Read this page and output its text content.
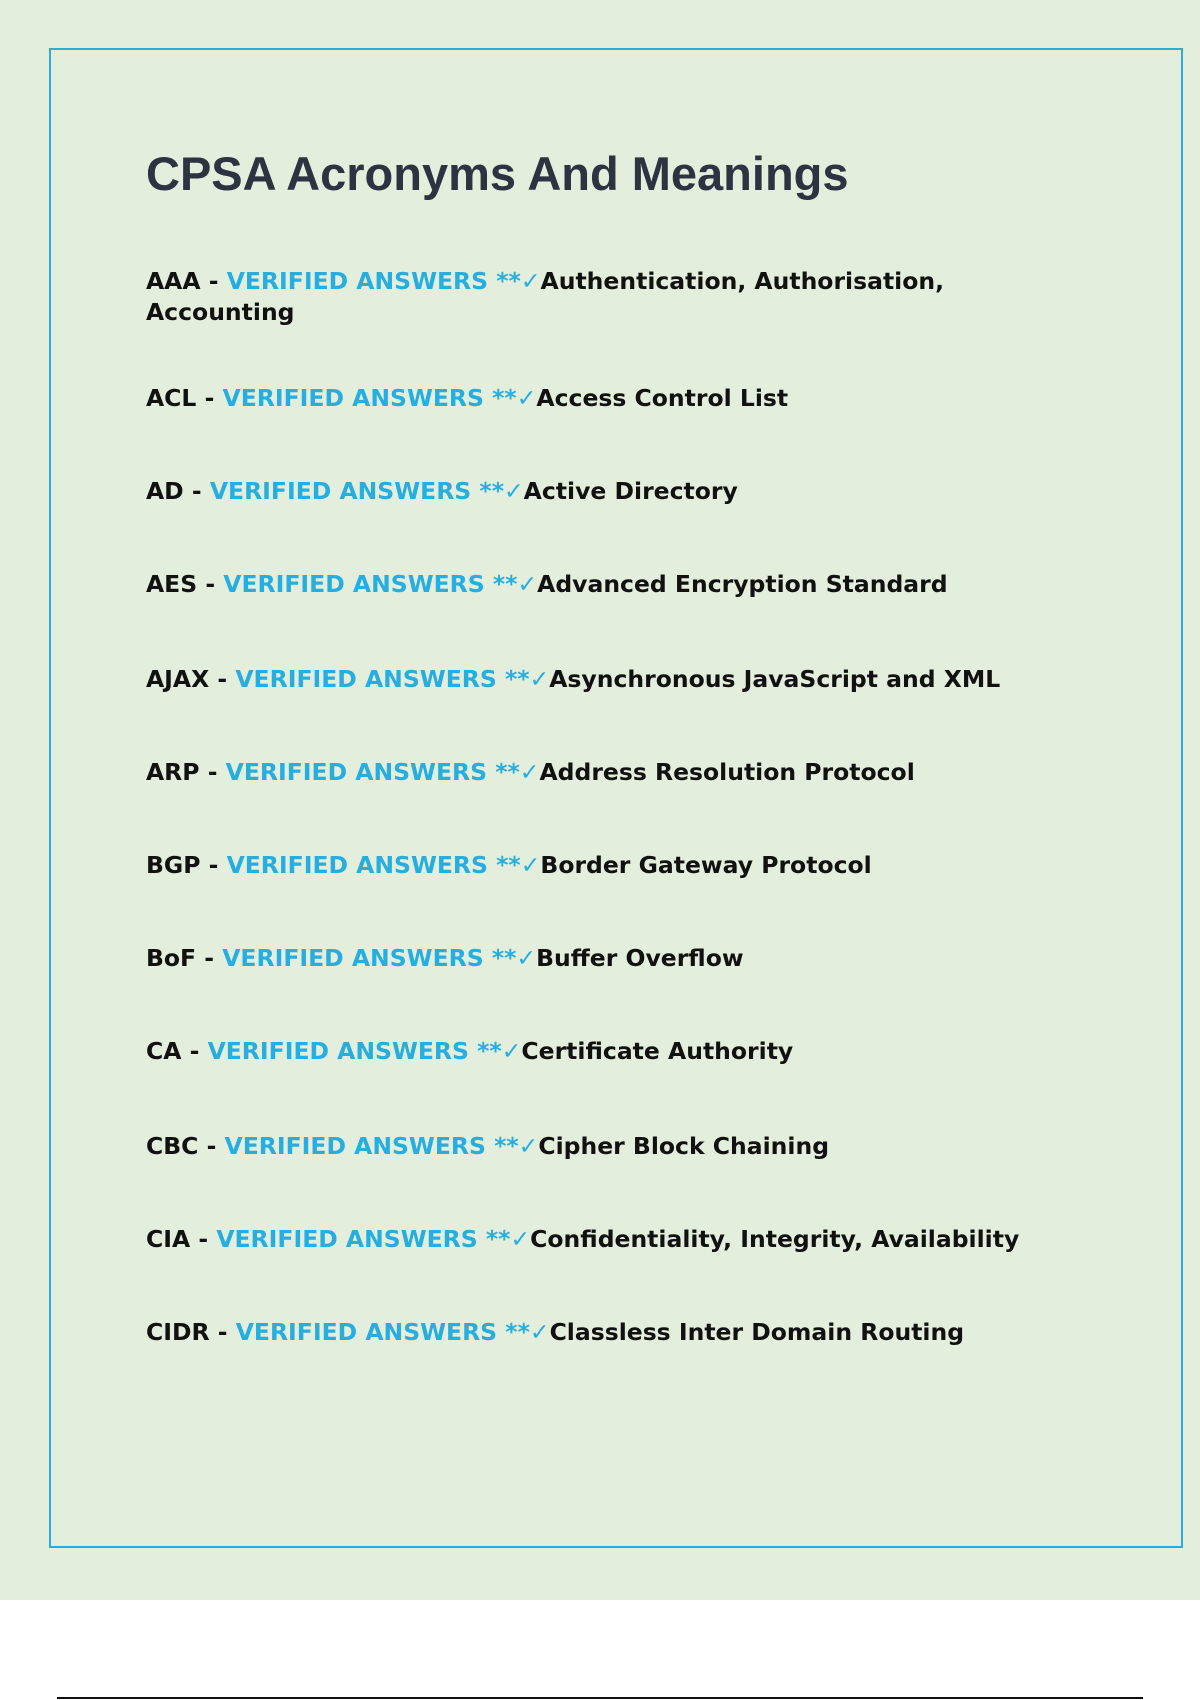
CPSA Acronyms And Meanings

AAA - VERIFIED ANSWERS **✓Authentication, Authorisation, Accounting

ACL - VERIFIED ANSWERS **✓Access Control List

AD - VERIFIED ANSWERS **✓Active Directory

AES - VERIFIED ANSWERS **✓Advanced Encryption Standard

AJAX - VERIFIED ANSWERS **✓Asynchronous JavaScript and XML

ARP - VERIFIED ANSWERS **✓Address Resolution Protocol

BGP - VERIFIED ANSWERS **✓Border Gateway Protocol

BoF - VERIFIED ANSWERS **✓Buffer Overflow

CA - VERIFIED ANSWERS **✓Certificate Authority

CBC - VERIFIED ANSWERS **✓Cipher Block Chaining

CIA - VERIFIED ANSWERS **✓Confidentiality, Integrity, Availability

CIDR - VERIFIED ANSWERS **✓Classless Inter Domain Routing
